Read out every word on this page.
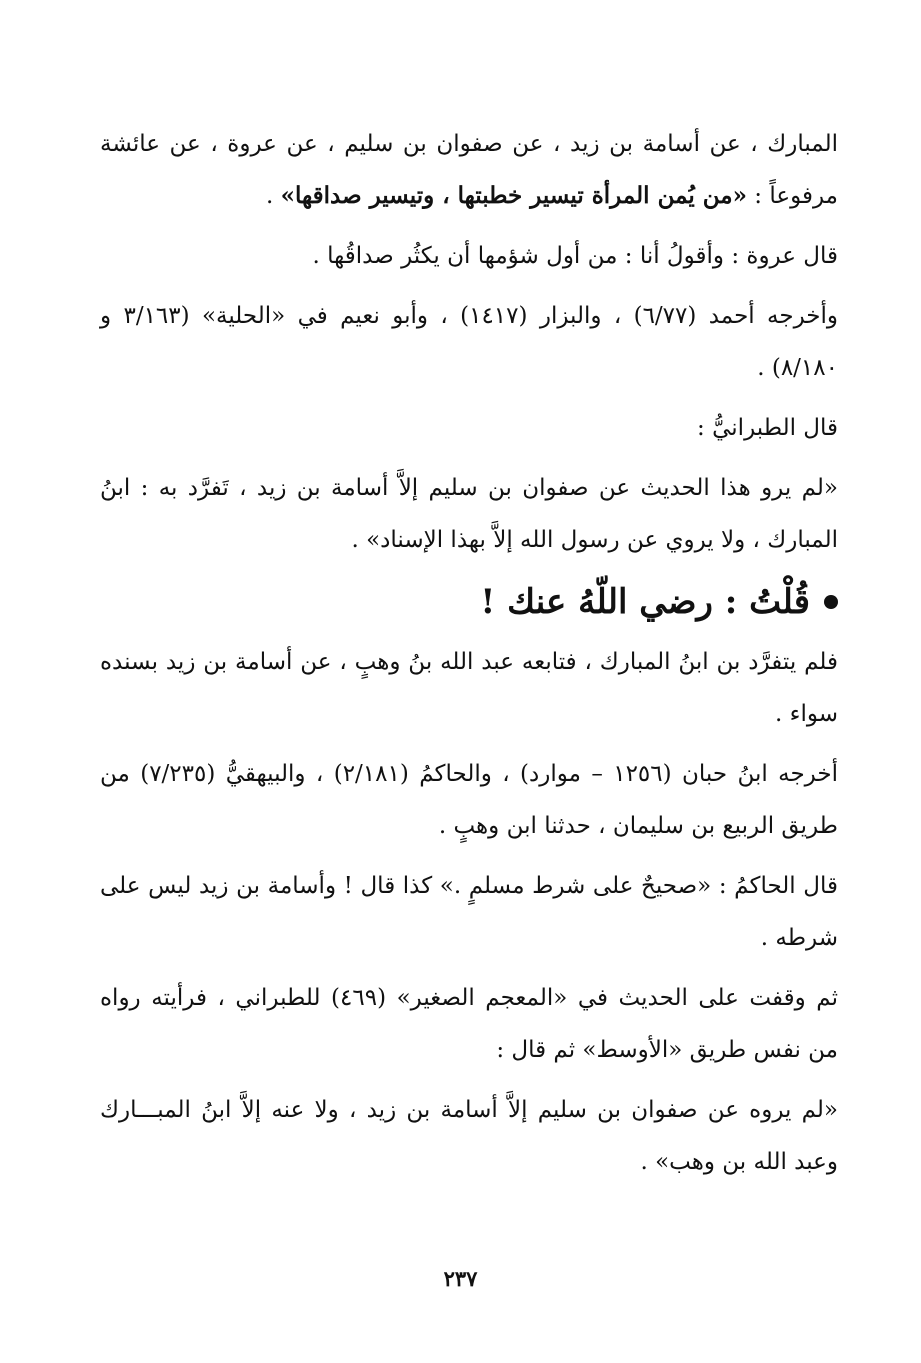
المبارك ، عن أسامة بن زيد ، عن صفوان بن سليم ، عن عروة ، عن عائشة مرفوعاً : «من يُمن المرأة تيسير خطبتها ، وتيسير صداقها» .

قال عروة : وأقولُ أنا : من أول شؤمها أن يكثُر صداقُها .

وأخرجه أحمد (٦/٧٧) ، والبزار (١٤١٧) ، وأبو نعيم في «الحلية» (٣/١٦٣ و ٨/١٨٠) .

قال الطبرانيُّ :

«لم يرو هذا الحديث عن صفوان بن سليم إلاَّ أسامة بن زيد ، تَفرَّد به : ابنُ المبارك ، ولا يروي عن رسول الله إلاَّ بهذا الإسناد» .

قُلْتُ : رضي اللّهُ عنك !

فلم يتفرَّد بن ابنُ المبارك ، فتابعه عبد الله بنُ وهبٍ ، عن أسامة بن زيد بسنده سواء .

أخرجه ابنُ حبان (١٢٥٦ – موارد) ، والحاكمُ (٢/١٨١) ، والبيهقيُّ (٧/٢٣٥) من طريق الربيع بن سليمان ، حدثنا ابن وهبٍ .

قال الحاكمُ : «صحيحٌ على شرط مسلمٍ .» كذا قال ! وأسامة بن زيد ليس على شرطه .

ثم وقفت على الحديث في «المعجم الصغير» (٤٦٩) للطبراني ، فرأيته رواه من نفس طريق «الأوسط» ثم قال :

«لم يروه عن صفوان بن سليم إلاَّ أسامة بن زيد ، ولا عنه إلاَّ ابنُ المبـــارك وعبد الله بن وهب» .

٢٣٧
